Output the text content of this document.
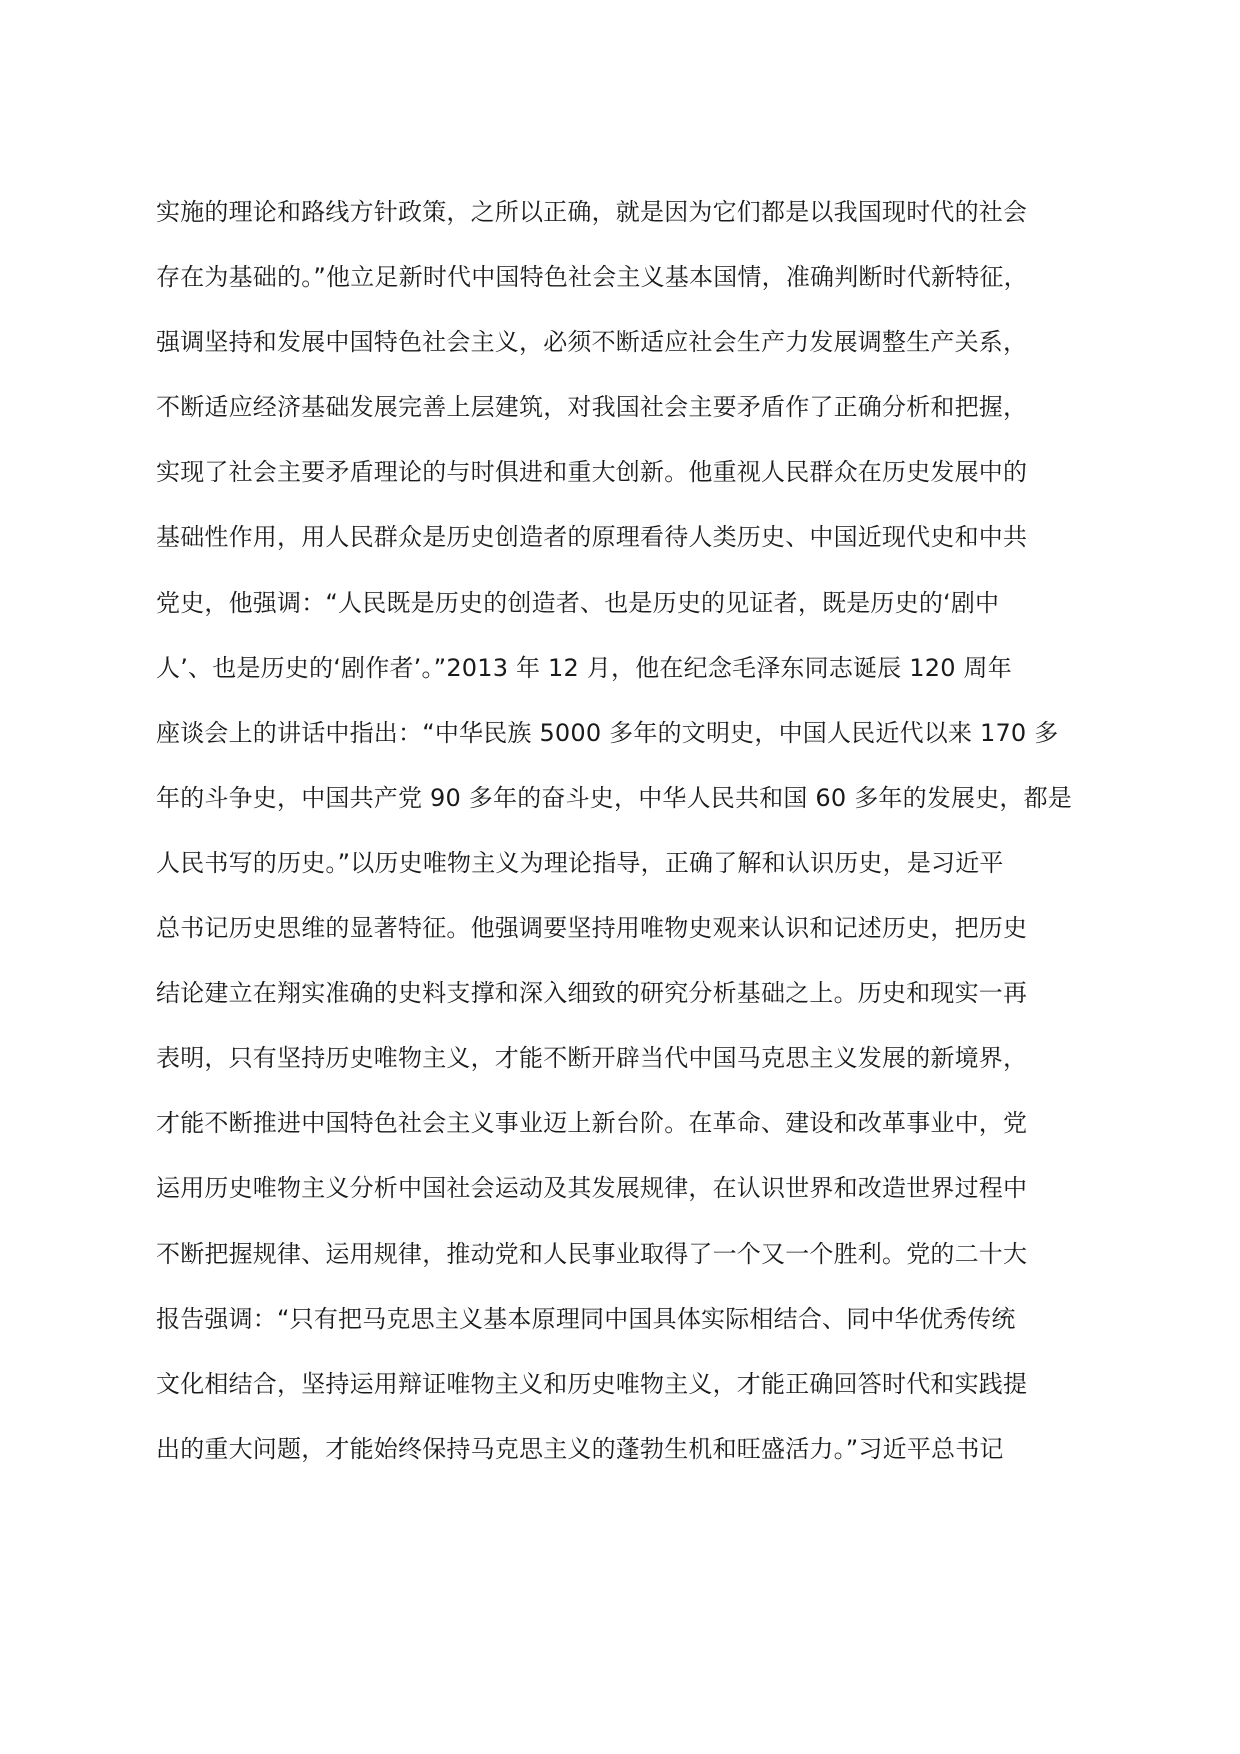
实施的理论和路线方针政策，之所以正确，就是因为它们都是以我国现时代的社会
存在为基础的。”他立足新时代中国特色社会主义基本国情，准确判断时代新特征，
强调坚持和发展中国特色社会主义，必须不断适应社会生产力发展调整生产关系，
不断适应经济基础发展完善上层建筑，对我国社会主要矛盾作了正确分析和把握，
实现了社会主要矛盾理论的与时俱进和重大创新。他重视人民群众在历史发展中的
基础性作用，用人民群众是历史创造者的原理看待人类历史、中国近现代史和中共
党史，他强调：“人民既是历史的创造者、也是历史的见证者，既是历史的‘剧中
人’、也是历史的‘剧作者’。”2013 年 12 月，他在纪念毛泽东同志诞辰 120 周年
座谈会上的讲话中指出：“中华民族 5000 多年的文明史，中国人民近代以来 170 多
年的斗争史，中国共产党 90 多年的奋斗史，中华人民共和国 60 多年的发展史，都是
人民书写的历史。”以历史唯物主义为理论指导，正确了解和认识历史，是习近平
总书记历史思维的显著特征。他强调要坚持用唯物史观来认识和记述历史，把历史
结论建立在翔实准确的史料支撑和深入细致的研究分析基础之上。历史和现实一再
表明，只有坚持历史唯物主义，才能不断开辟当代中国马克思主义发展的新境界，
才能不断推进中国特色社会主义事业迈上新台阶。在革命、建设和改革事业中，党
运用历史唯物主义分析中国社会运动及其发展规律，在认识世界和改造世界过程中
不断把握规律、运用规律，推动党和人民事业取得了一个又一个胜利。党的二十大
报告强调：“只有把马克思主义基本原理同中国具体实际相结合、同中华优秀传统
文化相结合，坚持运用辩证唯物主义和历史唯物主义，才能正确回答时代和实践提
出的重大问题，才能始终保持马克思主义的蓬勃生机和旺盛活力。”习近平总书记
